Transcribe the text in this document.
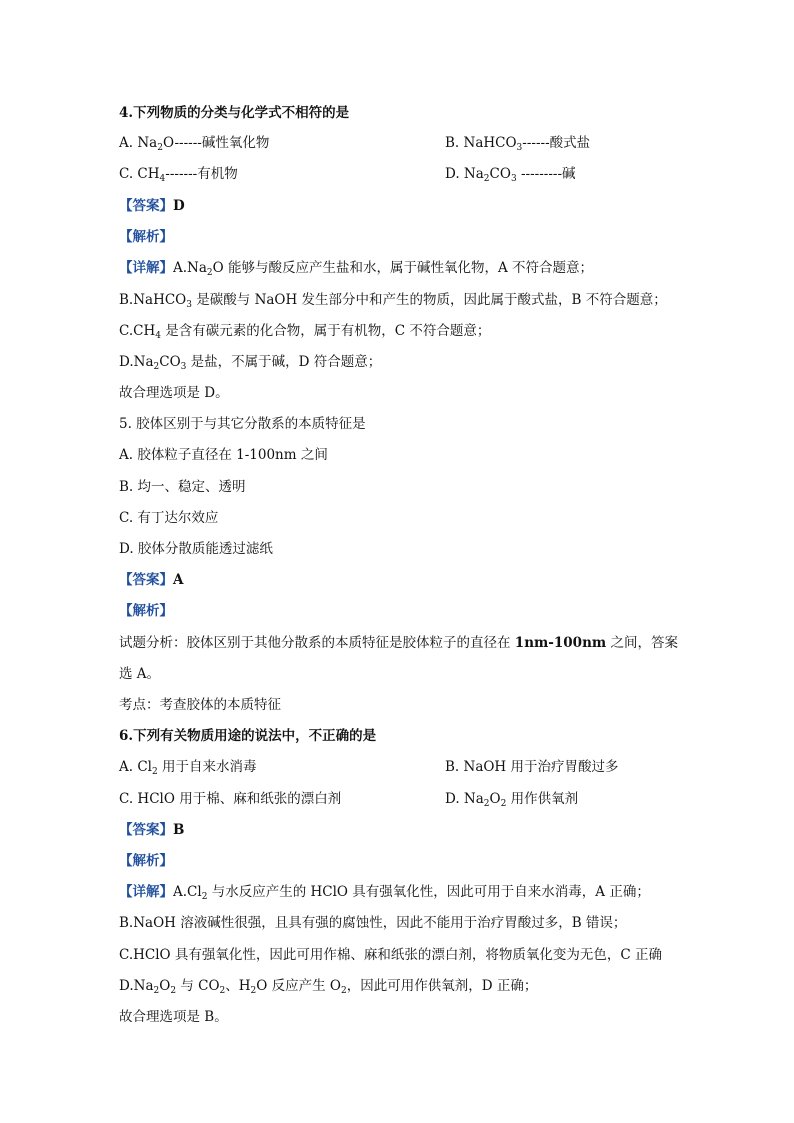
4.下列物质的分类与化学式不相符的是

A. $Na_2O------$碱性氧化物	B. NaHCO$_3$------酸式盐
C. $CH_4-------$有机物	D. $Na_2CO_3$ ---------碱

【答案】D

【解析】

【详解】$A.Na_2O$ 能够与酸反应产生盐和水，属于碱性氧化物，A 不符合题意；

B.NaHCO$_3$ 是碳酸与 NaOH 发生部分中和产生的物质，因此属于酸式盐，B 不符合题意；

$C.CH_4$ 是含有碳元素的化合物，属于有机物，C 不符合题意；

$D.Na_2CO_3$ 是盐，不属于碱，D 符合题意；

故合理选项是 D。

5. 胶体区别于与其它分散系的本质特征是

A. 胶体粒子直径在 1-100nm 之间

B. 均一、稳定、透明

C. 有丁达尔效应

D. 胶体分散质能透过滤纸

【答案】A

【解析】

试题分析：胶体区别于其他分散系的本质特征是胶体粒子的直径在 1nm-100nm 之间，答案

选 A。

考点：考查胶体的本质特征

6.下列有关物质用途的说法中，不正确的是

A. $Cl_2$ 用于自来水消毒	B. NaOH 用于治疗胃酸过多
C. HClO 用于棉、麻和纸张的漂白剂	D. $Na_2O_2$ 用作供氧剂

【答案】B

【解析】

【详解】$A.Cl_2$ 与水反应产生的 HClO 具有强氧化性，因此可用于自来水消毒，A 正确；

B.NaOH 溶液碱性很强，且具有强的腐蚀性，因此不能用于治疗胃酸过多，B 错误；

C.HClO 具有强氧化性，因此可用作棉、麻和纸张的漂白剂，将物质氧化变为无色，C 正确

$D.Na_2O_2$ 与 $CO_2$、$H_2O$ 反应产生 $O_2$，因此可用作供氧剂，D 正确；

故合理选项是 B。
